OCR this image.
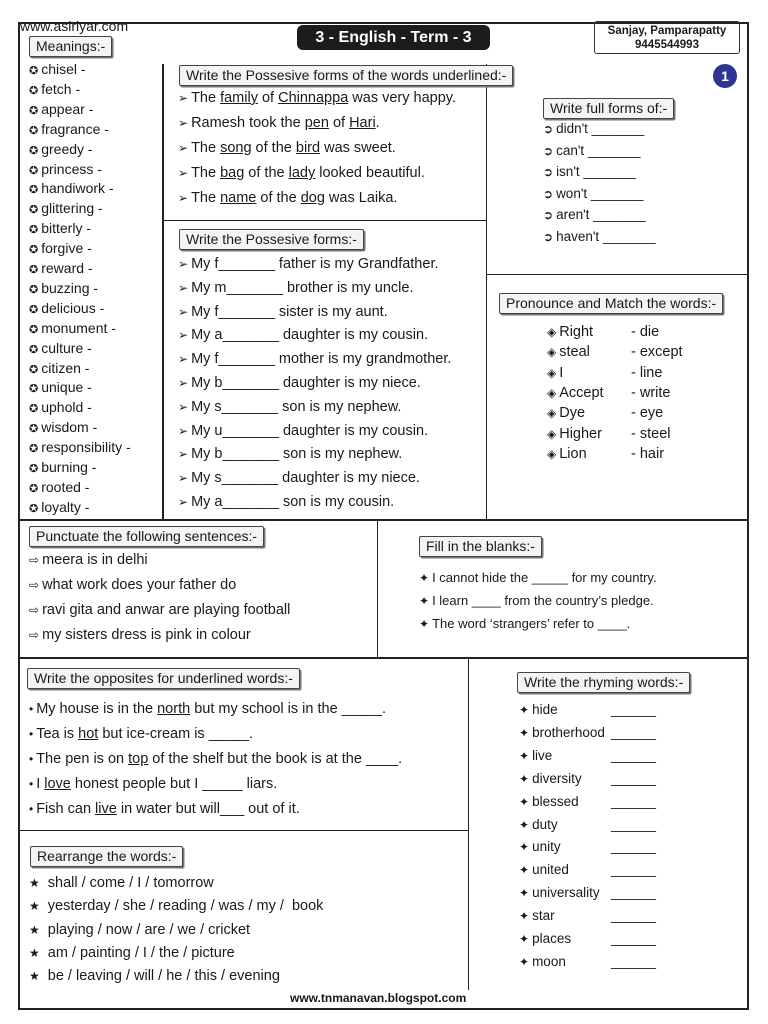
www.asiriyar.com
3 - English - Term - 3	Sanjay, Pamparapatty
9445544993
1
Meanings:-
✪ chisel -
✪ fetch -
✪ appear -
✪ fragrance -
✪ greedy -
✪ princess -
✪ handiwork -
✪ glittering -
✪ bitterly -
✪ forgive -
✪ reward -
✪ buzzing -
✪ delicious -
✪ monument -
✪ culture -
✪ citizen -
✪ unique -
✪ uphold -
✪ wisdom -
✪ responsibility -
✪ burning -
✪ rooted -
✪ loyalty -
Write the Possesive forms of the words underlined:-
➢ The family of Chinnappa was very happy.
➢ Ramesh took the pen of Hari.
➢ The song of the bird was sweet.
➢ The bag of the lady looked beautiful.
➢ The name of the dog was Laika.
Write full forms of:-
➲ didn't _______
➲ can't _______
➲ isn't _______
➲ won't _______
➲ aren't _______
➲ haven't _______
Write the Possesive forms:-
➢ My f_______ father is my Grandfather.
➢ My m_______ brother is my uncle.
➢ My f_______ sister is my aunt.
➢ My a_______ daughter is my cousin.
➢ My f_______ mother is my grandmother.
➢ My b_______ daughter is my niece.
➢ My s_______ son is my nephew.
➢ My u_______ daughter is my cousin.
➢ My b_______ son is my nephew.
➢ My s_______ daughter is my niece.
➢ My a_______ son is my cousin.
Pronounce and Match the words:-
◈ Right	- die
◈ steal	- except
◈ I	- line
◈ Accept - write
◈ Dye	- eye
◈ Higher - steel
◈ Lion	- hair
Punctuate the following sentences:-
⇨ meera is in delhi
⇨ what work does your father do
⇨ ravi gita and anwar are playing football
⇨ my sisters dress is pink in colour
Fill in the blanks:-
✦ I cannot hide the _____ for my country.
✦ I learn ____ from the country’s pledge.
✦ The word ‘strangers’ refer to ____.
Write the opposites for underlined words:-
• My house is in the north but my school is in the _____.
• Tea is hot but ice-cream is _____.
• The pen is on top of the shelf but the book is at the ____.
• I love honest people but I _____ liars.
• Fish can live in water but will___ out of it.
Write the rhyming words:-
✦ hide	______
✦ brotherhood ______
✦ live	______
✦ diversity ______
✦ blessed ______
✦ duty	______
✦ unity	______
✦ united	______
✦ universality ______
✦ star	______
✦ places	______
✦ moon	______
Rearrange the words:-
★ shall / come / I / tomorrow
★ yesterday / she / reading / was / my /  book
★ playing / now / are / we / cricket
★ am / painting / I / the / picture
★ be / leaving / will / he / this / evening
www.tnmanavan.blogspot.com
